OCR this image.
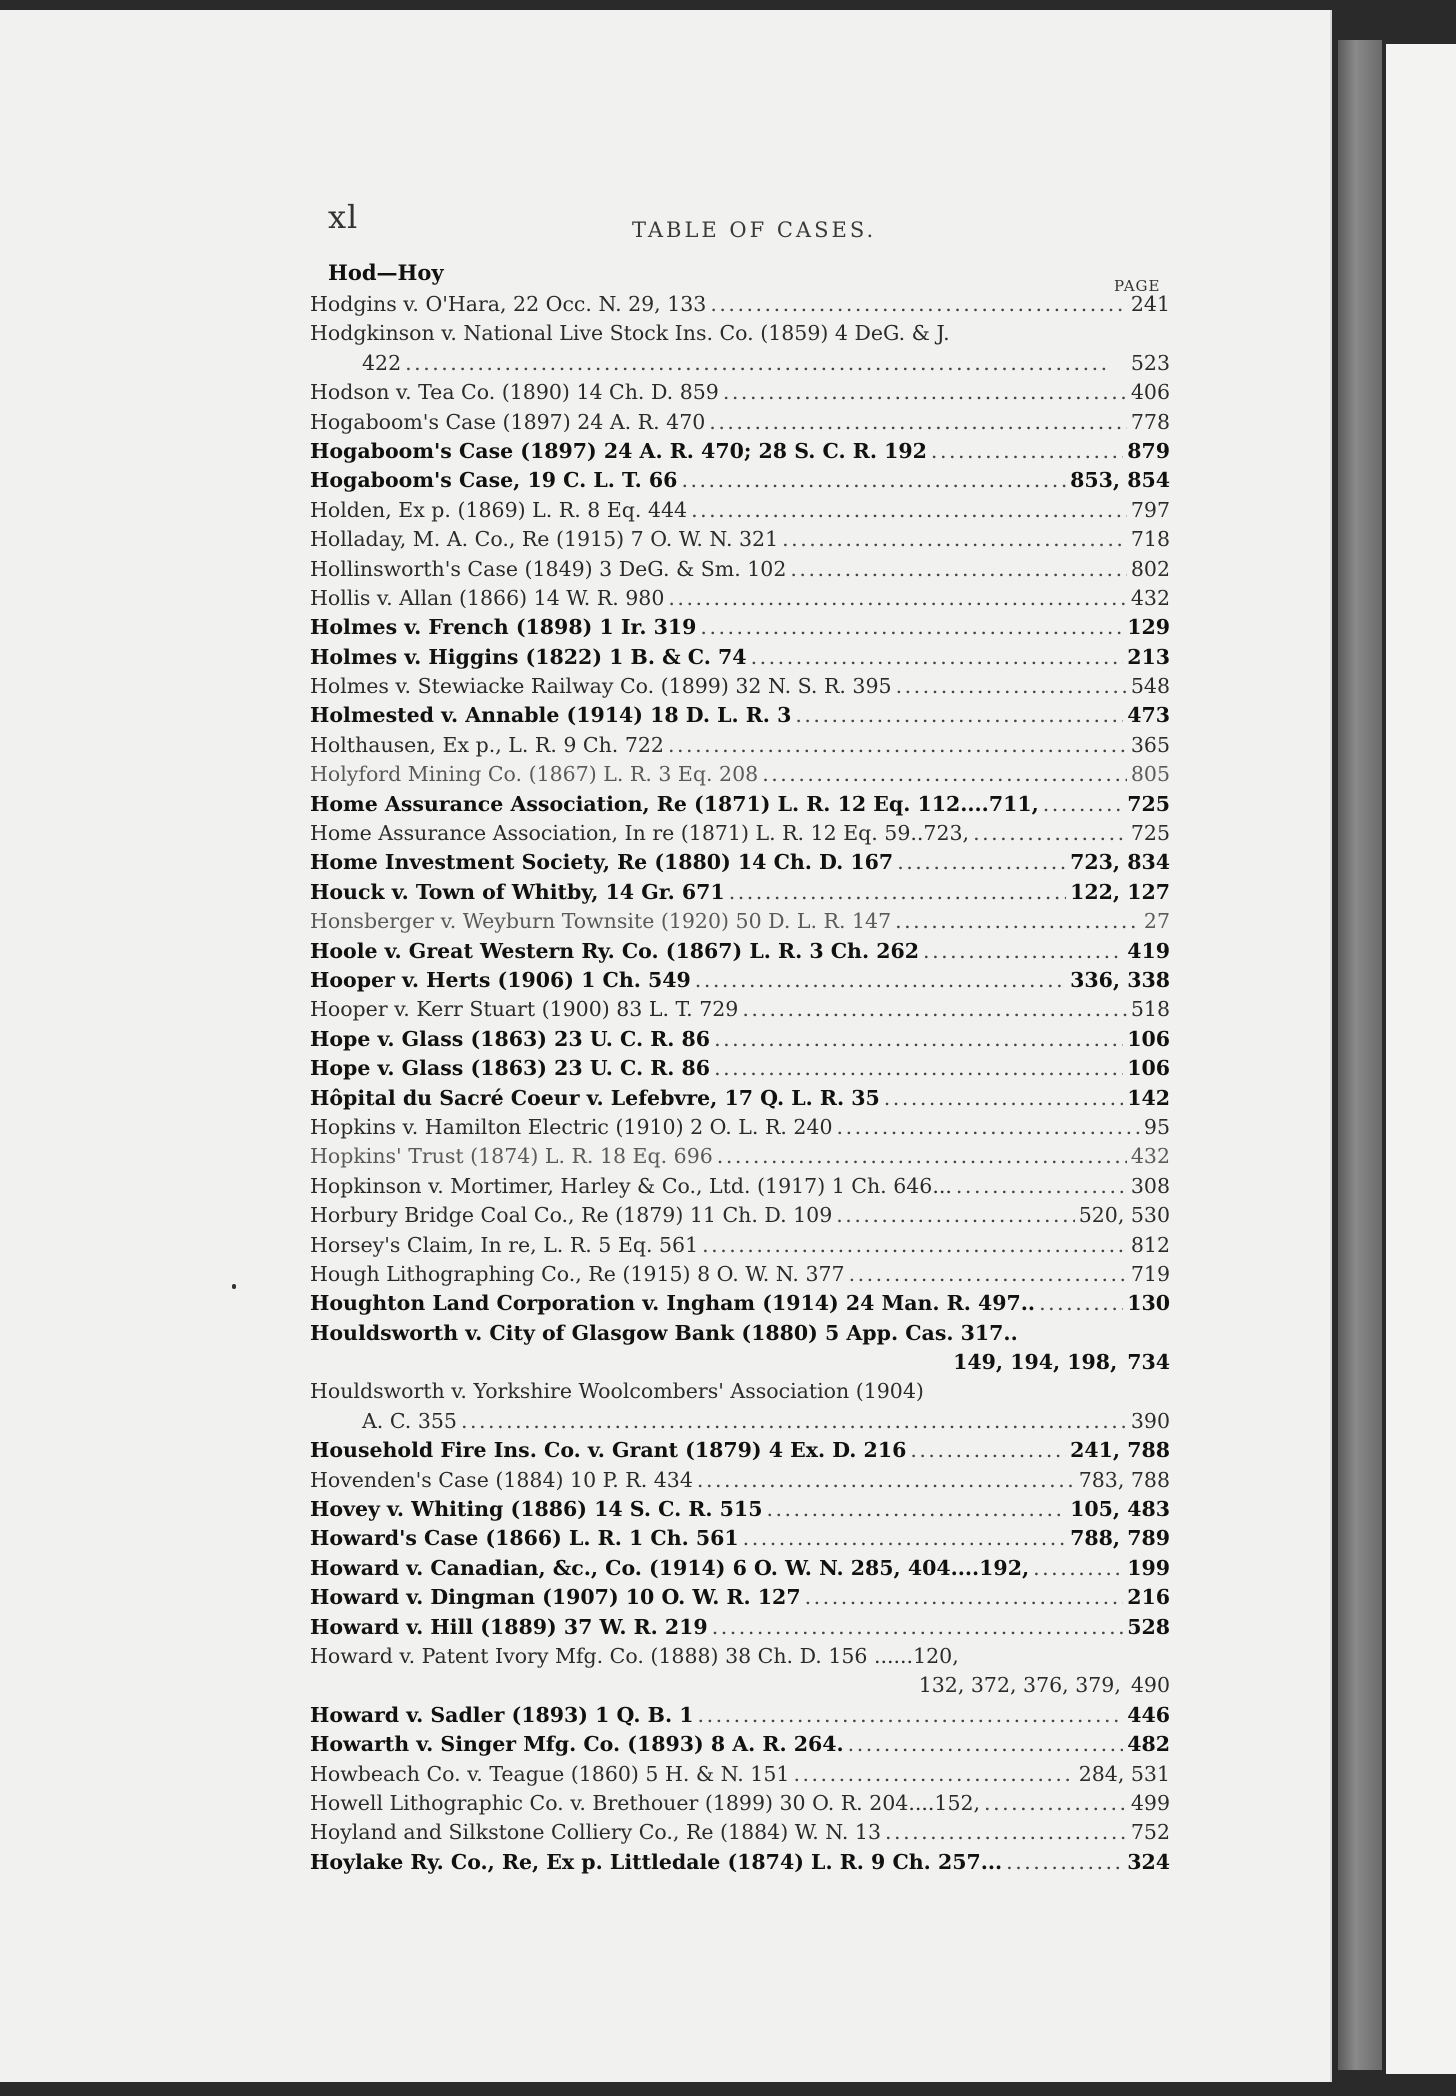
xl	TABLE OF CASES.
Hod—Hoy
PAGE
Hodgins v. O'Hara, 22 Occ. N. 29, 133 . . .	241
Hodgkinson v. National Live Stock Ins. Co. (1859) 4 DeG. & J.
422 . . .	523
Hodson v. Tea Co. (1890) 14 Ch. D. 859 . . .	406
Hogaboom's Case (1897) 24 A. R. 470 . . .	778
Hogaboom's Case (1897) 24 A. R. 470; 28 S. C. R. 192 . . .	879
Hogaboom's Case, 19 C. L. T. 66 . . .	853, 854
Holden, Ex p. (1869) L. R. 8 Eq. 444 . . .	797
Holladay, M. A. Co., Re (1915) 7 O. W. N. 321 . . .	718
Hollinsworth's Case (1849) 3 DeG. & Sm. 102 . . .	802
Hollis v. Allan (1866) 14 W. R. 980 . . .	432
Holmes v. French (1898) 1 Ir. 319 . . .	129
Holmes v. Higgins (1822) 1 B. & C. 74 . . .	213
Holmes v. Stewiacke Railway Co. (1899) 32 N. S. R. 395 . . .	548
Holmested v. Annable (1914) 18 D. L. R. 3 . . .	473
Holthausen, Ex p., L. R. 9 Ch. 722 . . .	365
Holyford Mining Co. (1867) L. R. 3 Eq. 208 . . .	805
Home Assurance Association, Re (1871) L. R. 12 Eq. 112....711, . . .	725
Home Assurance Association, In re (1871) L. R. 12 Eq. 59..723, . . .	725
Home Investment Society, Re (1880) 14 Ch. D. 167 . . .	723, 834
Houck v. Town of Whitby, 14 Gr. 671 . . .	122, 127
Honsberger v. Weyburn Townsite (1920) 50 D. L. R. 147 . . .	27
Hoole v. Great Western Ry. Co. (1867) L. R. 3 Ch. 262 . . .	419
Hooper v. Herts (1906) 1 Ch. 549 . . .	336, 338
Hooper v. Kerr Stuart (1900) 83 L. T. 729 . . .	518
Hope v. Glass (1863) 23 U. C. R. 86 . . .	106
Hope v. Glass (1863) 23 U. C. R. 86 . . .	106
Hôpital du Sacré Coeur v. Lefebvre, 17 Q. L. R. 35 . . .	142
Hopkins v. Hamilton Electric (1910) 2 O. L. R. 240 . . .	95
Hopkins' Trust (1874) L. R. 18 Eq. 696 . . .	432
Hopkinson v. Mortimer, Harley & Co., Ltd. (1917) 1 Ch. 646... . . .	308
Horbury Bridge Coal Co., Re (1879) 11 Ch. D. 109 . . .	520, 530
Horsey's Claim, In re, L. R. 5 Eq. 561 . . .	812
Hough Lithographing Co., Re (1915) 8 O. W. N. 377 . . .	719
Houghton Land Corporation v. Ingham (1914) 24 Man. R. 497.. . . .	130
Houldsworth v. City of Glasgow Bank (1880) 5 App. Cas. 317..
149, 194, 198, 734
Houldsworth v. Yorkshire Woolcombers' Association (1904)
A. C. 355 . . .	390
Household Fire Ins. Co. v. Grant (1879) 4 Ex. D. 216 . . .	241, 788
Hovenden's Case (1884) 10 P. R. 434 . . .	783, 788
Hovey v. Whiting (1886) 14 S. C. R. 515 . . .	105, 483
Howard's Case (1866) L. R. 1 Ch. 561 . . .	788, 789
Howard v. Canadian, &c., Co. (1914) 6 O. W. N. 285, 404....192, . . .	199
Howard v. Dingman (1907) 10 O. W. R. 127 . . .	216
Howard v. Hill (1889) 37 W. R. 219 . . .	528
Howard v. Patent Ivory Mfg. Co. (1888) 38 Ch. D. 156 ......120,
132, 372, 376, 379, 490
Howard v. Sadler (1893) 1 Q. B. 1 . . .	446
Howarth v. Singer Mfg. Co. (1893) 8 A. R. 264. . . .	482
Howbeach Co. v. Teague (1860) 5 H. & N. 151 . . .	284, 531
Howell Lithographic Co. v. Brethouer (1899) 30 O. R. 204....152, . . .	499
Hoyland and Silkstone Colliery Co., Re (1884) W. N. 13 . . .	752
Hoylake Ry. Co., Re, Ex p. Littledale (1874) L. R. 9 Ch. 257... . . .	324
